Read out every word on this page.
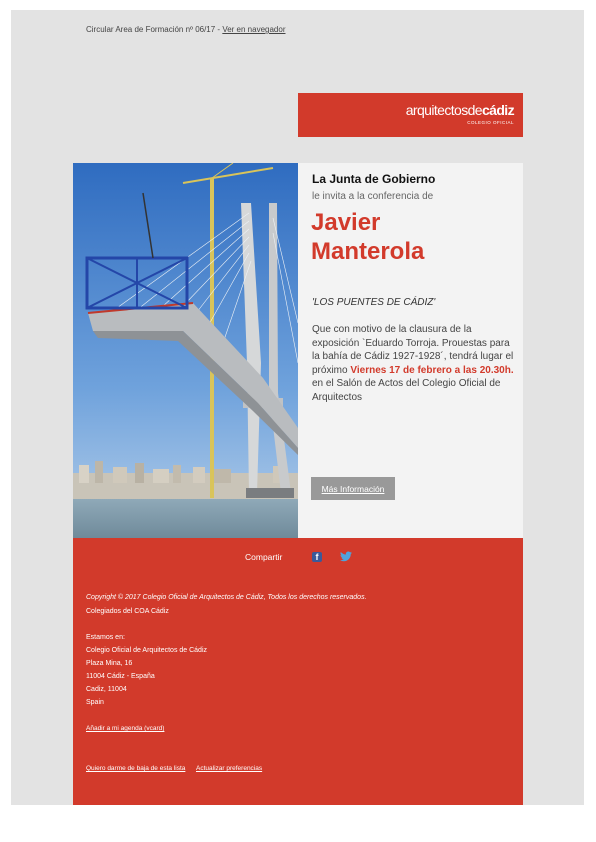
Circular Area de Formación nº 06/17 - Ver en navegador
arquitectosdecádiz
COLEGIO OFICIAL
La Junta de Gobierno
le invita a la conferencia de
Javier
Manterola
'LOS PUENTES DE CÁDIZ'
Que con motivo de la clausura de la exposición `Eduardo Torroja. Prouestas para la bahía de Cádiz 1927-1928´, tendrá lugar el próximo Viernes 17 de febrero a las 20.30h. en el Salón de Actos del Colegio Oficial de Arquitectos
Más Información
Compartir	f
Copyright © 2017 Colegio Oficial de Arquitectos de Cádiz, Todos los derechos reservados.
Colegiados del COA Cádiz
Estamos en:
Colegio Oficial de Arquitectos de Cádiz
Plaza Mina, 16
11004 Cádiz - España
Cadiz, 11004
Spain
Añadir a mi agenda (vcard)
Quiero darme de baja de esta lista Actualizar preferencias
